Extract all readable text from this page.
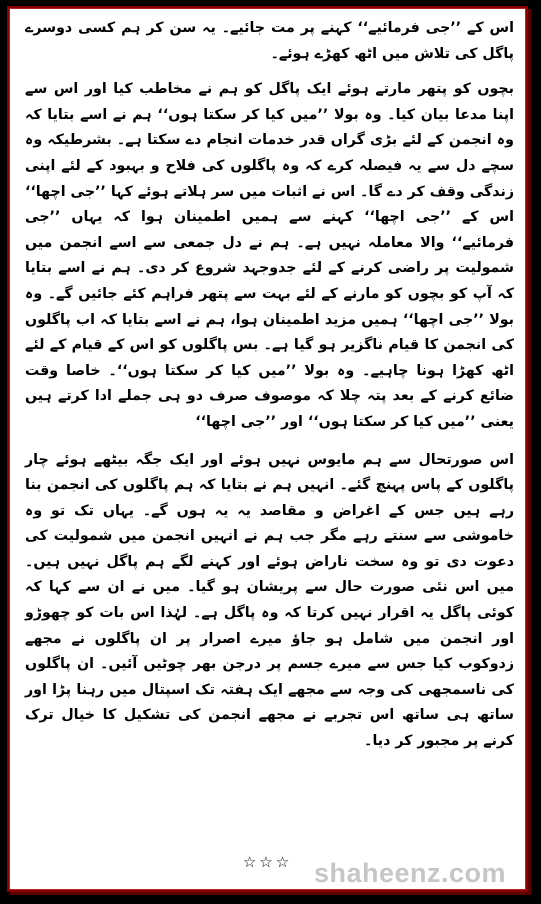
اس کے ’’جی فرمائیے‘‘ کہنے پر مت جائیے۔ یہ سن کر ہم کسی دوسرے پاگل کی تلاش میں اٹھ کھڑے ہوئے۔

بچوں کو پتھر مارتے ہوئے ایک پاگل کو ہم نے مخاطب کیا اور اس سے اپنا مدعا بیان کیا۔ وہ بولا ’’میں کیا کر سکتا ہوں‘‘ ہم نے اسے بتایا کہ وہ انجمن کے لئے بڑی گراں قدر خدمات انجام دے سکتا ہے۔ بشرطیکہ وہ سچے دل سے یہ فیصلہ کرے کہ وہ پاگلوں کی فلاح و بہبود کے لئے اپنی زندگی وقف کر دے گا۔ اس نے اثبات میں سر ہلاتے ہوئے کہا ’’جی اچھا‘‘ اس کے ’’جی اچھا‘‘ کہنے سے ہمیں اطمینان ہوا کہ یہاں ’’جی فرمائیے‘‘ والا معاملہ نہیں ہے۔ ہم نے دل جمعی سے اسے انجمن میں شمولیت پر راضی کرنے کے لئے جدوجہد شروع کر دی۔ ہم نے اسے بتایا کہ آپ کو بچوں کو مارنے کے لئے بہت سے پتھر فراہم کئے جائیں گے۔ وہ بولا ’’جی اچھا‘‘ ہمیں مزید اطمینان ہوا، ہم نے اسے بتایا کہ اب پاگلوں کی انجمن کا قیام ناگزیر ہو گیا ہے۔ بس پاگلوں کو اس کے قیام کے لئے اٹھ کھڑا ہونا چاہیے۔ وہ بولا ’’میں کیا کر سکتا ہوں‘‘۔ خاصا وقت ضائع کرنے کے بعد پتہ چلا کہ موصوف صرف دو ہی جملے ادا کرتے ہیں یعنی ’’میں کیا کر سکتا ہوں‘‘ اور ’’جی اچھا‘‘

اس صورتحال سے ہم مایوس نہیں ہوئے اور ایک جگہ بیٹھے ہوئے چار پاگلوں کے پاس پہنچ گئے۔ انہیں ہم نے بتایا کہ ہم پاگلوں کی انجمن بنا رہے ہیں جس کے اغراض و مقاصد یہ یہ ہوں گے۔ یہاں تک تو وہ خاموشی سے سنتے رہے مگر جب ہم نے انہیں انجمن میں شمولیت کی دعوت دی تو وہ سخت ناراض ہوئے اور کہنے لگے ہم پاگل نہیں ہیں۔ میں اس نئی صورت حال سے پریشان ہو گیا۔ میں نے ان سے کہا کہ کوئی پاگل یہ اقرار نہیں کرتا کہ وہ پاگل ہے۔ لہٰذا اس بات کو چھوڑو اور انجمن میں شامل ہو جاؤ میرے اصرار پر ان پاگلوں نے مجھے زدوکوب کیا جس سے میرے جسم پر درجن بھر چوٹیں آئیں۔ ان پاگلوں کی ناسمجھی کی وجہ سے مجھے ایک ہفتہ تک اسپتال میں رہنا پڑا اور ساتھ ہی ساتھ اس تجربے نے مجھے انجمن کی تشکیل کا خیال ترک کرنے پر مجبور کر دیا۔

☆☆☆ shaheenz.com
